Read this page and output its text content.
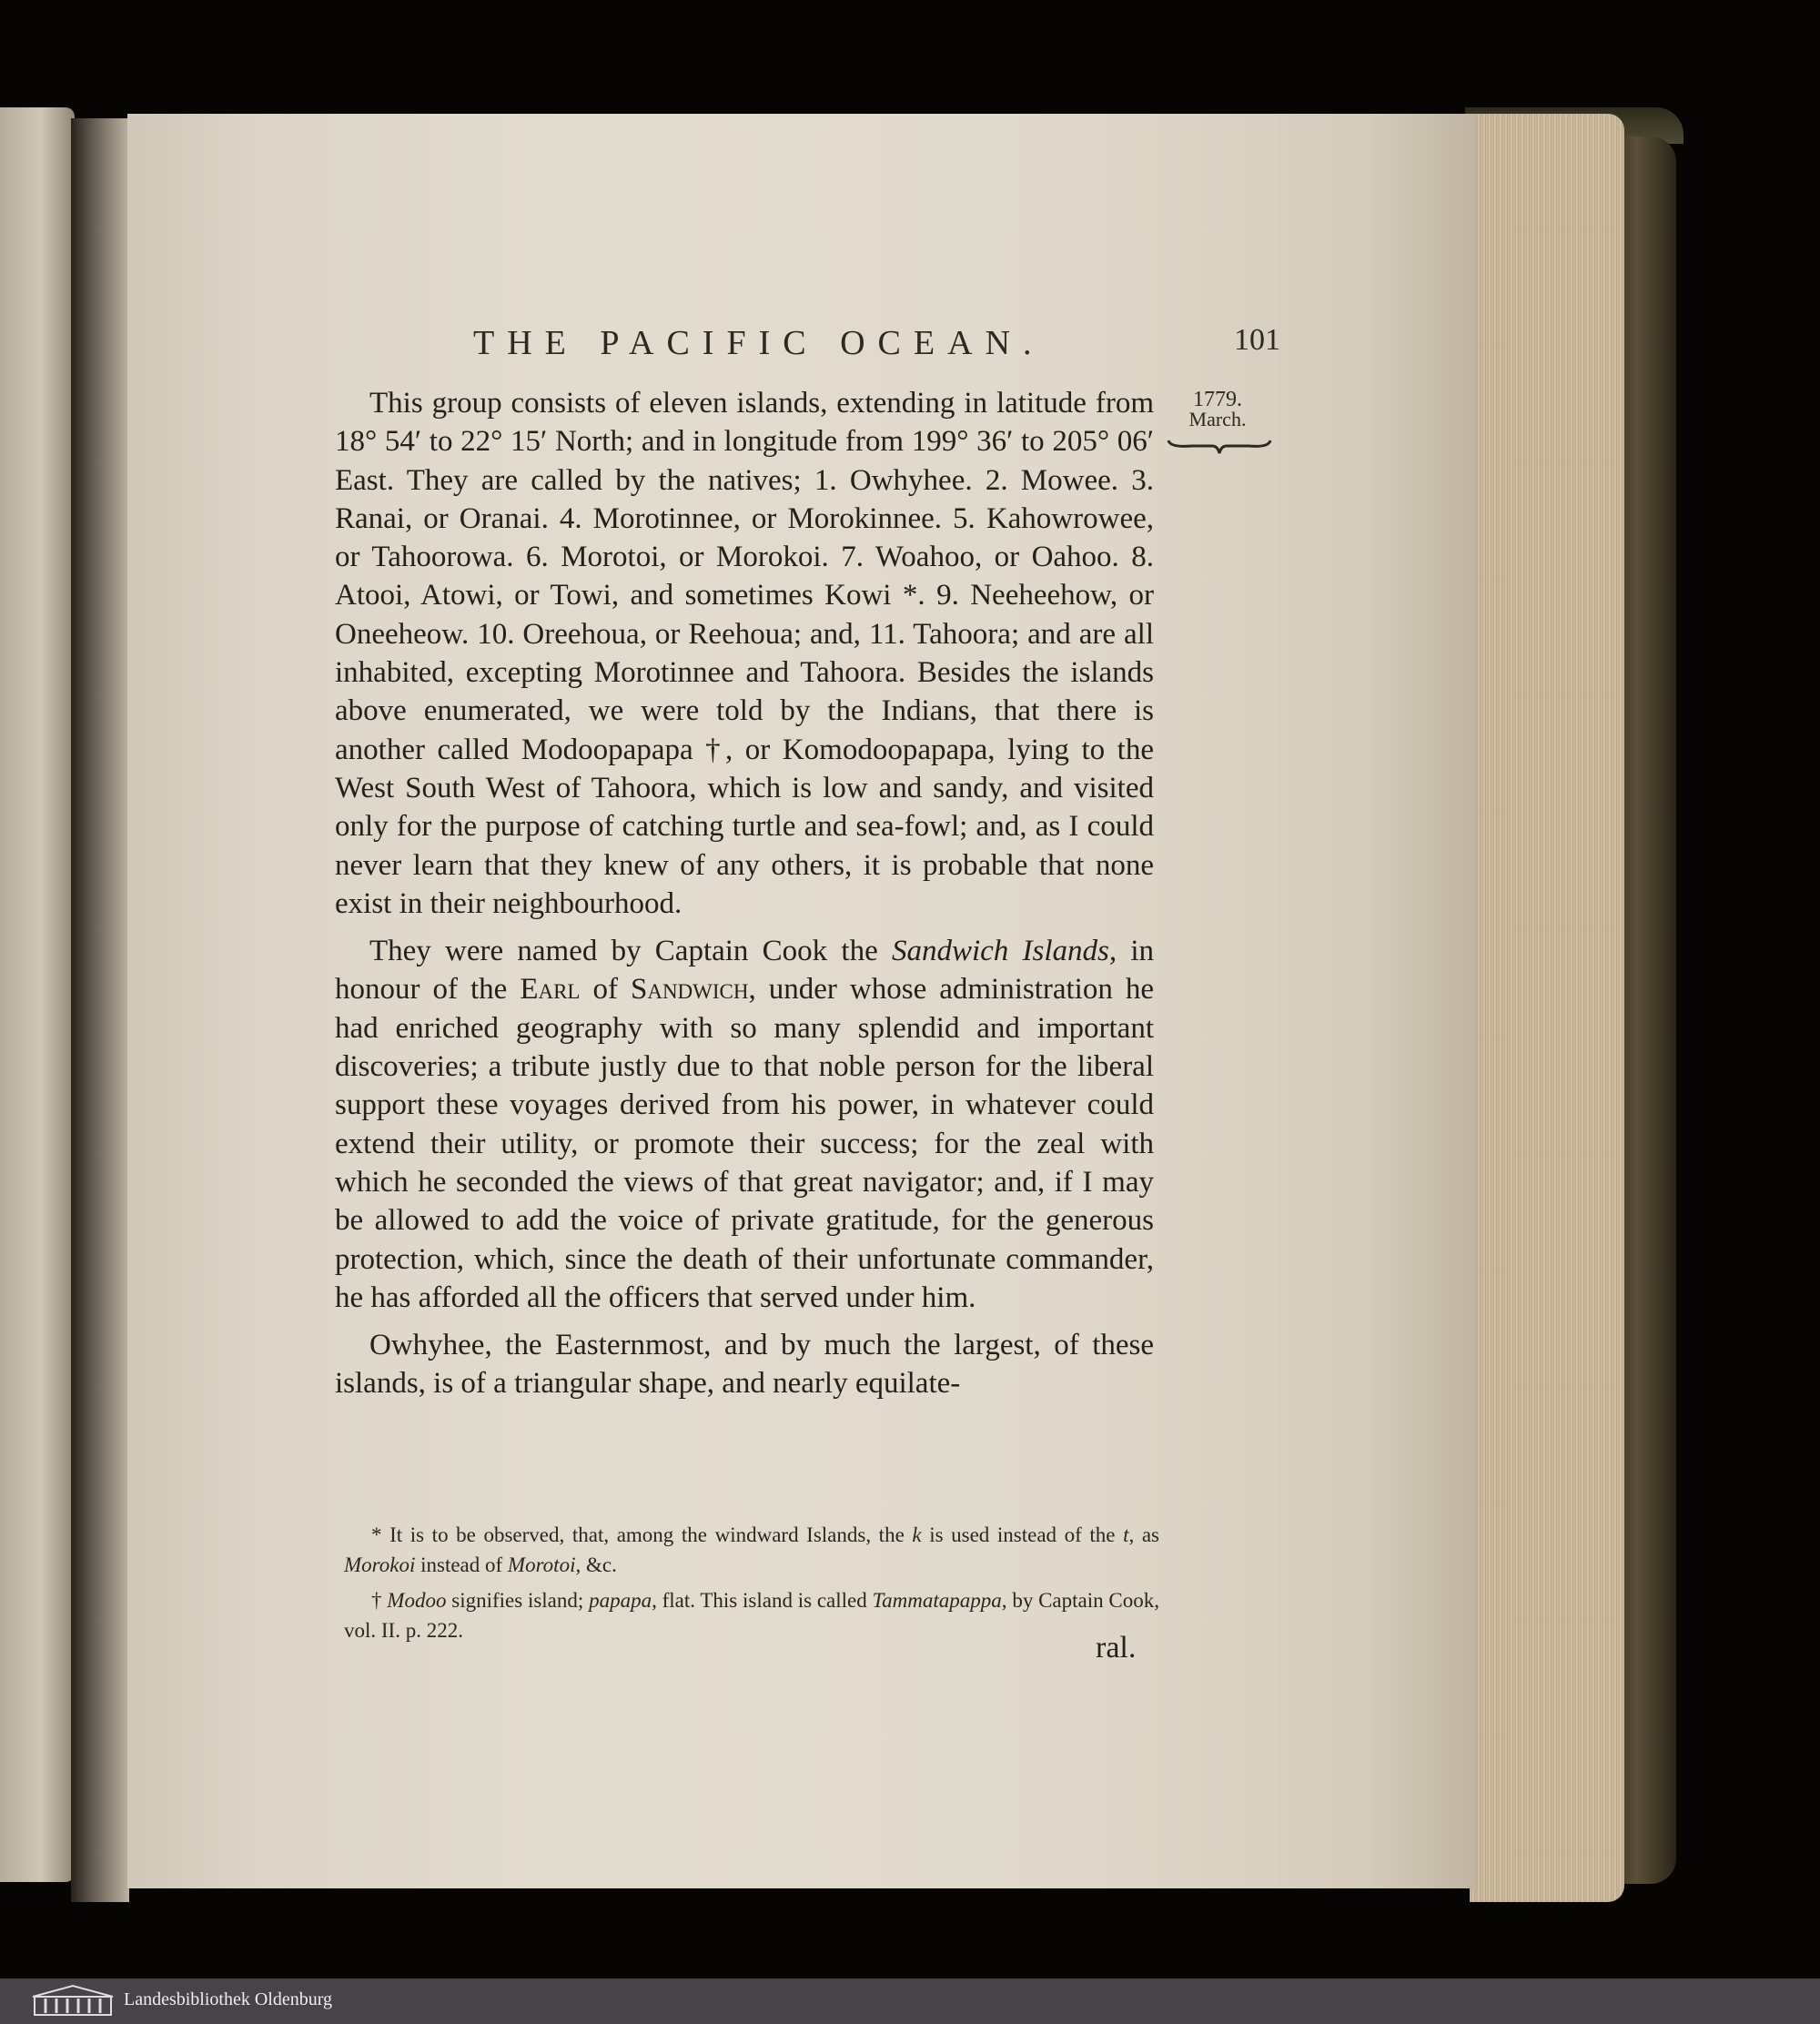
THE PACIFIC OCEAN.	101
1779.
March.

This group consists of eleven islands, extending in latitude from 18° 54′ to 22° 15′ North; and in longitude from 199° 36′ to 205° 06′ East. They are called by the natives; 1. Owhyhee. 2. Mowee. 3. Ranai, or Oranai. 4. Morotinnee, or Morokinnee. 5. Kahowrowee, or Tahoorowa. 6. Morotoi, or Morokoi. 7. Woahoo, or Oahoo. 8. Atooi, Atowi, or Towi, and sometimes Kowi *. 9. Neeheehow, or Oneeheow. 10. Oreehoua, or Reehoua; and, 11. Tahoora; and are all inhabited, excepting Morotinnee and Tahoora. Besides the islands above enumerated, we were told by the Indians, that there is another called Modoopapapa †, or Komodoopapapa, lying to the West South West of Tahoora, which is low and sandy, and visited only for the purpose of catching turtle and sea-fowl; and, as I could never learn that they knew of any others, it is probable that none exist in their neighbourhood.

They were named by Captain Cook the Sandwich Islands, in honour of the Earl of Sandwich, under whose administration he had enriched geography with so many splendid and important discoveries; a tribute justly due to that noble person for the liberal support these voyages derived from his power, in whatever could extend their utility, or promote their success; for the zeal with which he seconded the views of that great navigator; and, if I may be allowed to add the voice of private gratitude, for the generous protection, which, since the death of their unfortunate commander, he has afforded all the officers that served under him.

Owhyhee, the Easternmost, and by much the largest, of these islands, is of a triangular shape, and nearly equilate-

* It is to be observed, that, among the windward Islands, the k is used instead of the t, as Morokoi instead of Morotoi, &c.

† Modoo signifies island; papapa, flat. This island is called Tammatapappa, by Captain Cook, vol. II. p. 222.

ral.
Landesbibliothek Oldenburg
